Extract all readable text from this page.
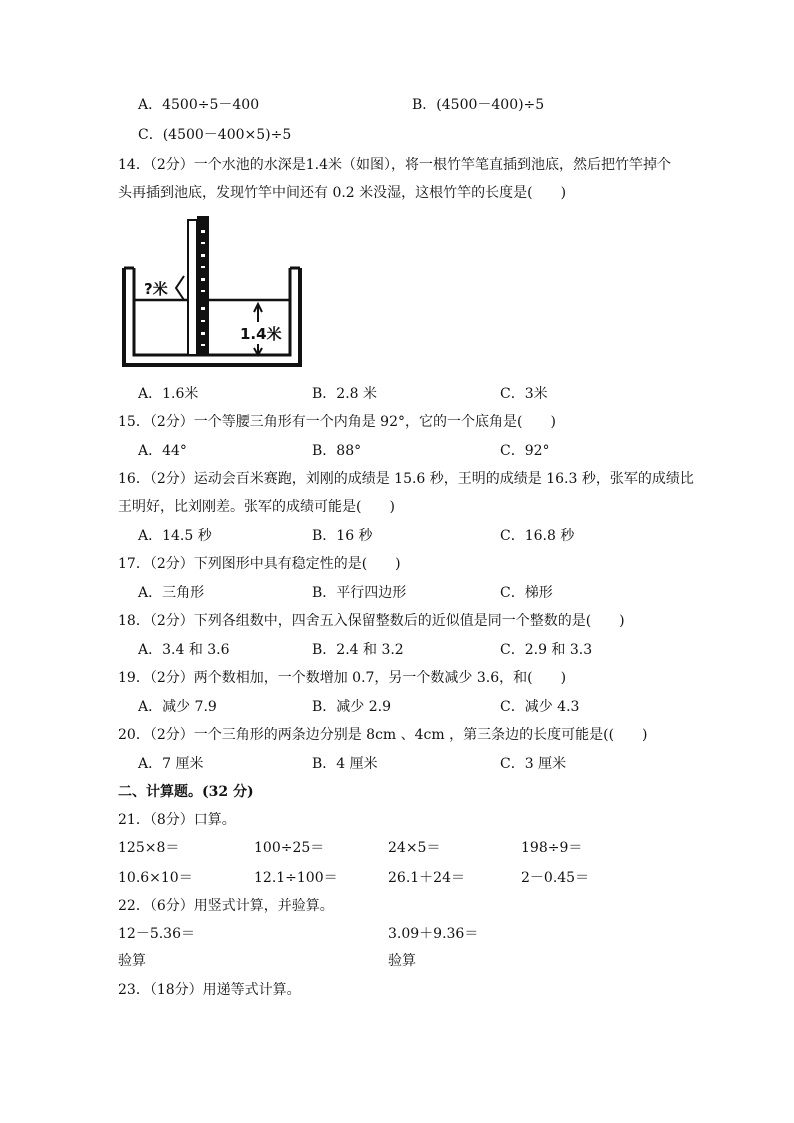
A．4500÷5－400	B．(4500－400)÷5
C．(4500－400×5)÷5
14．（2分）一个水池的水深是1.4米（如图），将一根竹竿笔直插到池底，然后把竹竿掉个
头再插到池底，发现竹竿中间还有 0.2 米没湿，这根竹竿的长度是(　　)
?米
1.4米
A．1.6米	B．2.8 米	C．3米
15．（2分）一个等腰三角形有一个内角是 92°，它的一个底角是(　　)
A．44°	B．88°	C．92°
16．（2分）运动会百米赛跑，刘刚的成绩是 15.6 秒，王明的成绩是 16.3 秒，张军的成绩比
王明好，比刘刚差。张军的成绩可能是(　　)
A．14.5 秒	B．16 秒	C．16.8 秒
17．（2分）下列图形中具有稳定性的是(　　)
A．三角形	B．平行四边形	C．梯形
18．（2分）下列各组数中，四舍五入保留整数后的近似值是同一个整数的是(　　)
A．3.4 和 3.6	B．2.4 和 3.2	C．2.9 和 3.3
19．（2分）两个数相加，一个数增加 0.7，另一个数减少 3.6，和(　　)
A．减少 7.9	B．减少 2.9	C．减少 4.3
20．（2分）一个三角形的两条边分别是 8cm 、4cm ，第三条边的长度可能是((　　)
A．7 厘米	B．4 厘米	C．3 厘米
二、计算题。(32 分)
21．（8分）口算。
125×8＝	100÷25＝	24×5＝	198÷9＝
10.6×10＝	12.1÷100＝	26.1＋24＝	2－0.45＝
22．（6分）用竖式计算，并验算。
12－5.36＝	3.09＋9.36＝
验算	验算
23．（18分）用递等式计算。
